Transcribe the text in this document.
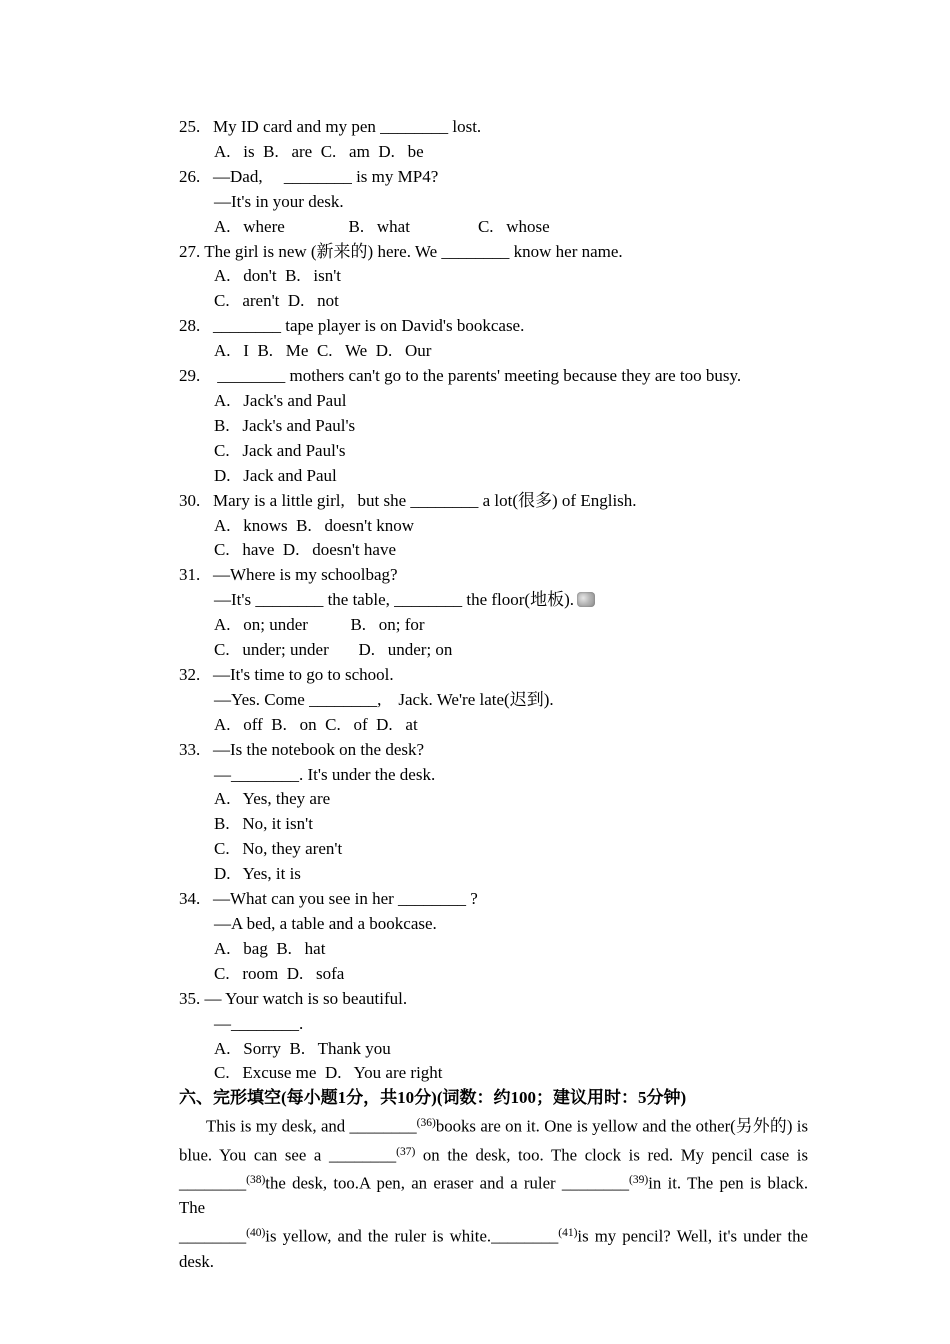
25.   My ID card and my pen ________ lost.
A.   is  B.   are  C.   am  D.   be
26.   —Dad,     ________ is my MP4?
—It's in your desk.
A.   where               B.   what                C.   whose
27. The girl is new (新来的) here. We ________ know her name.
A.   don't  B.   isn't
C.   aren't  D.   not
28.   ________ tape player is on David's bookcase.
A.   I  B.   Me  C.   We  D.   Our
29.    ________ mothers can't go to the parents' meeting because they are too busy.
A.   Jack's and Paul
B.   Jack's and Paul's
C.   Jack and Paul's
D.   Jack and Paul
30.   Mary is a little girl,   but she ________ a lot(很多) of English.
A.   knows  B.   doesn't know
C.   have  D.   doesn't have
31.   —Where is my schoolbag?
—It's ________ the table, ________ the floor(地板).
A.   on; under          B.   on; for
C.   under; under       D.   under; on
32.   —It's time to go to school.
—Yes. Come ________,    Jack. We're late(迟到).
A.   off  B.   on  C.   of  D.   at
33.   —Is the notebook on the desk?
—________. It's under the desk.
A.   Yes, they are
B.   No, it isn't
C.   No, they aren't
D.   Yes, it is
34.   —What can you see in her ________ ?
—A bed, a table and a bookcase.
A.   bag  B.   hat
C.   room  D.   sofa
35. — Your watch is so beautiful.
—________.
A.   Sorry  B.   Thank you
C.   Excuse me  D.   You are right
六、完形填空(每小题1分，共10分)(词数：约100；建议用时：5分钟)
This is my desk, and ________$^{(36)}$books are on it. One is yellow and the other(另外的) is
blue. You can see a ________$^{(37)}$ on the desk, too. The clock is red. My pencil case is
________$^{(38)}$the desk, too.A pen, an eraser and a ruler ________$^{(39)}$in it. The pen is black. The
________$^{(40)}$is yellow, and the ruler is white.________$^{(41)}$is my pencil? Well, it's under the desk.
